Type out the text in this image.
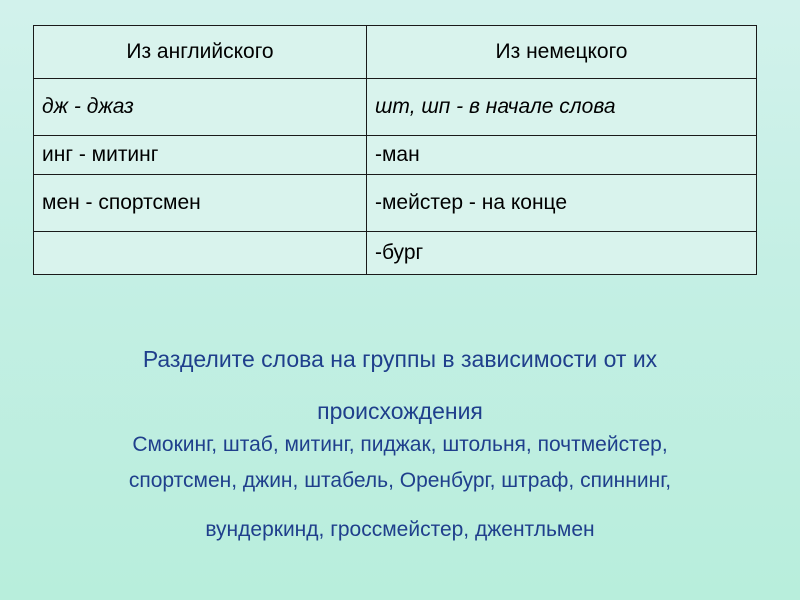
Из английского	Из немецкого
дж - джаз	шт, шп - в начале слова
инг - митинг	-ман
мен - спортсмен	-мейстер - на конце
	-бург
Разделите слова на группы в зависимости от их
происхождения
Смокинг, штаб, митинг, пиджак, штольня, почтмейстер,
спортсмен, джин, штабель, Оренбург, штраф, спиннинг,
вундеркинд, гроссмейстер, джентльмен
